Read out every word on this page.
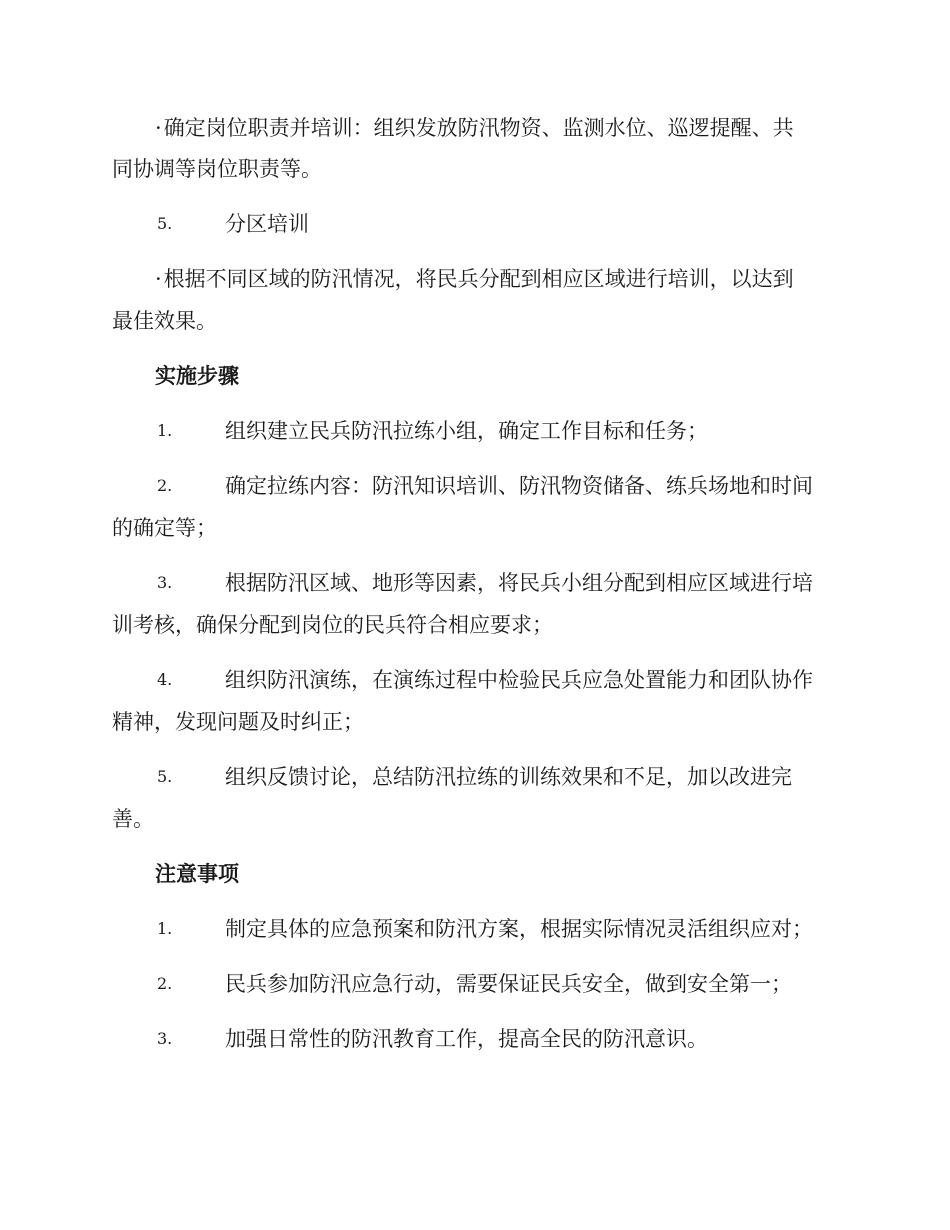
·确定岗位职责并培训：组织发放防汛物资、监测水位、巡逻提醒、共
同协调等岗位职责等。
5.	分区培训
·根据不同区域的防汛情况，将民兵分配到相应区域进行培训，以达到
最佳效果。
实施步骤
1.	组织建立民兵防汛拉练小组，确定工作目标和任务；
2.	确定拉练内容：防汛知识培训、防汛物资储备、练兵场地和时间
的确定等；
3.	根据防汛区域、地形等因素，将民兵小组分配到相应区域进行培
训考核，确保分配到岗位的民兵符合相应要求；
4.	组织防汛演练，在演练过程中检验民兵应急处置能力和团队协作
精神，发现问题及时纠正；
5.	组织反馈讨论，总结防汛拉练的训练效果和不足，加以改进完
善。
注意事项
1.	制定具体的应急预案和防汛方案，根据实际情况灵活组织应对；
2.	民兵参加防汛应急行动，需要保证民兵安全，做到安全第一；
3.	加强日常性的防汛教育工作，提高全民的防汛意识。
